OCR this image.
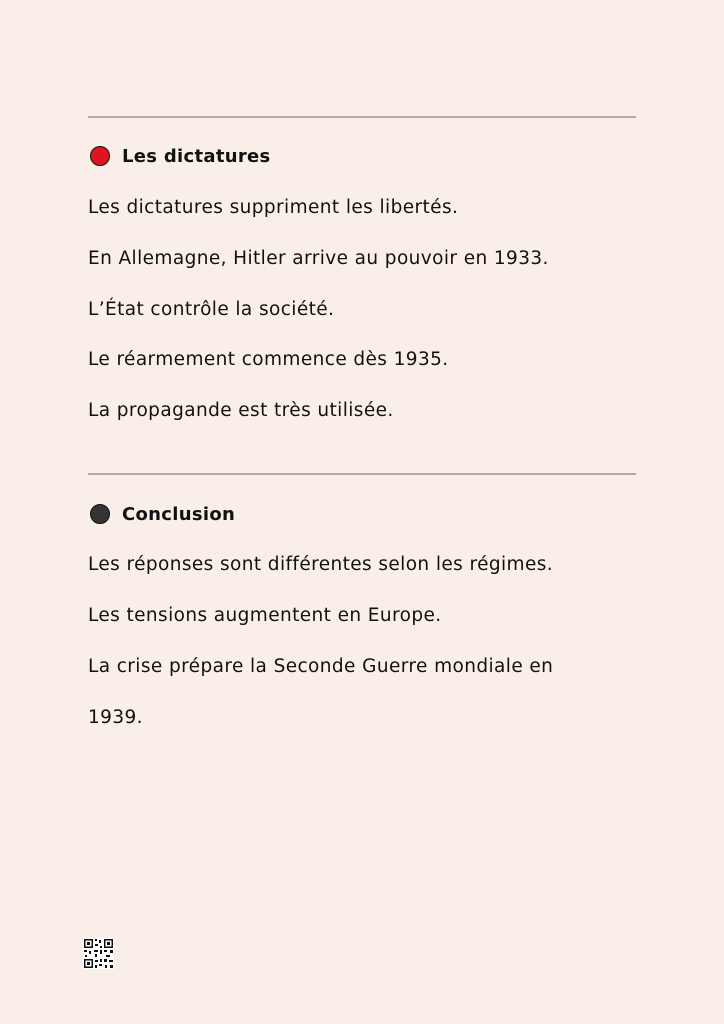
Les dictatures
Les dictatures suppriment les libertés.
En Allemagne, Hitler arrive au pouvoir en 1933.
L’État contrôle la société.
Le réarmement commence dès 1935.
La propagande est très utilisée.
Conclusion
Les réponses sont différentes selon les régimes.
Les tensions augmentent en Europe.
La crise prépare la Seconde Guerre mondiale en
1939.
